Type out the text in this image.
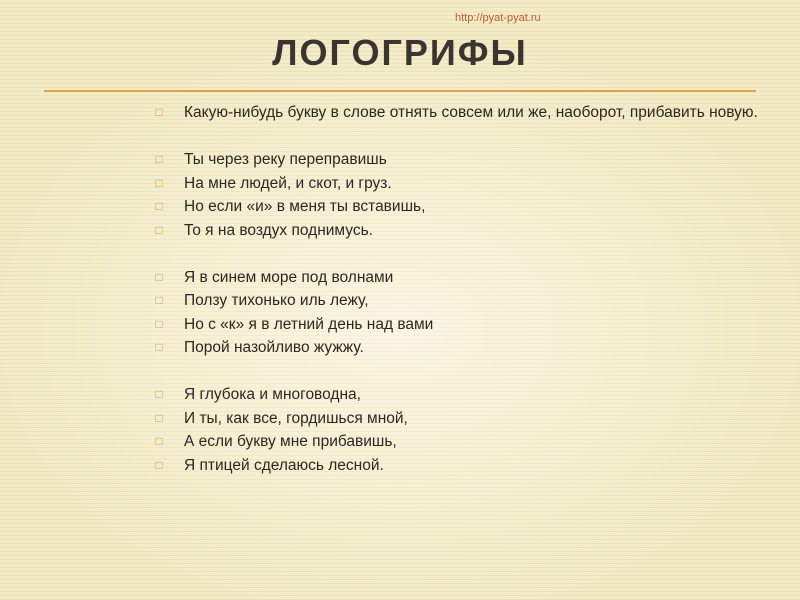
http://pyat-pyat.ru
ЛОГОГРИФЫ
□ Какую-нибудь букву в слове отнять совсем или же, наоборот, прибавить новую.
□ Ты через реку переправишь
□ На мне людей, и скот, и груз.
□ Но если «и» в меня ты вставишь,
□ То я на воздух поднимусь.
□ Я в синем море под волнами
□ Ползу тихонько иль лежу,
□ Но с «к» я в летний день над вами
□ Порой назойливо жужжу.
□ Я глубока и многоводна,
□ И ты, как все, гордишься мной,
□ А если букву мне прибавишь,
□ Я птицей сделаюсь лесной.
